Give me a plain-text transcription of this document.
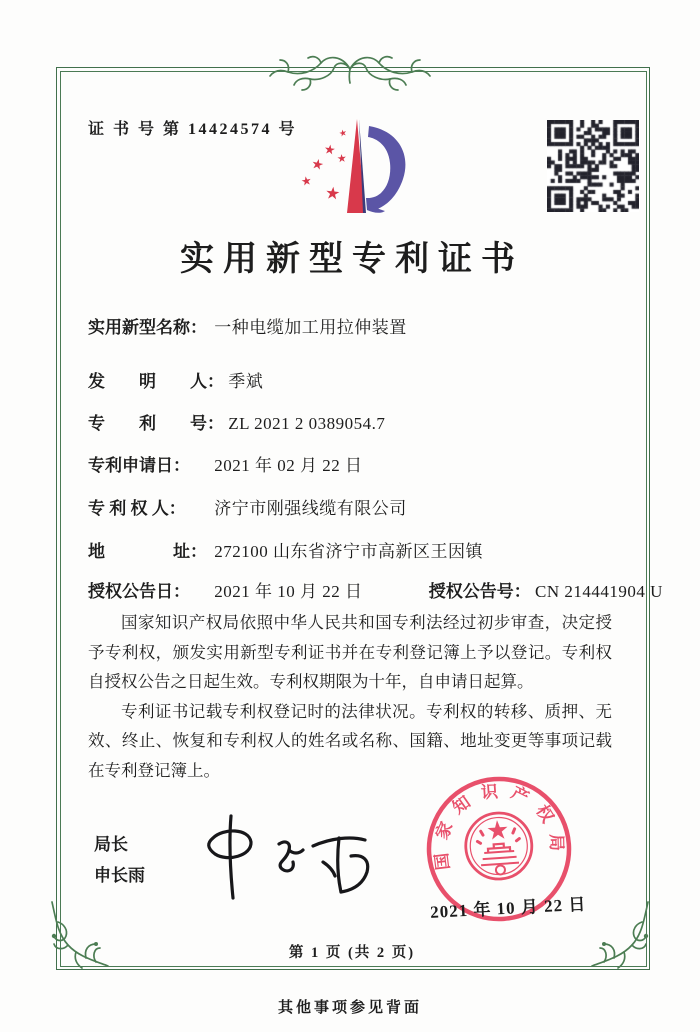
证 书 号 第 14424574 号	★
★
★
★
★
★
实用新型专利证书
实用新型名称： 一种电缆加工用拉伸装置
发　　明　　人： 季斌
专　　利　　号： ZL 2021 2 0389054.7
专利申请日： 2021 年 02 月 22 日
专 利 权 人： 济宁市刚强线缆有限公司
地　　　　址： 272100 山东省济宁市高新区王因镇
授权公告日： 2021 年 10 月 22 日	授权公告号： CN 214441904 U

国家知识产权局依照中华人民共和国专利法经过初步审查，决定授予专利权，颁发实用新型专利证书并在专利登记簿上予以登记。专利权自授权公告之日起生效。专利权期限为十年，自申请日起算。

专利证书记载专利权登记时的法律状况。专利权的转移、质押、无效、终止、恢复和专利权人的姓名或名称、国籍、地址变更等事项记载在专利登记簿上。

局长
申长雨
国家知识产权局
2021 年 10 月 22 日
第 1 页 (共 2 页)
其他事项参见背面
